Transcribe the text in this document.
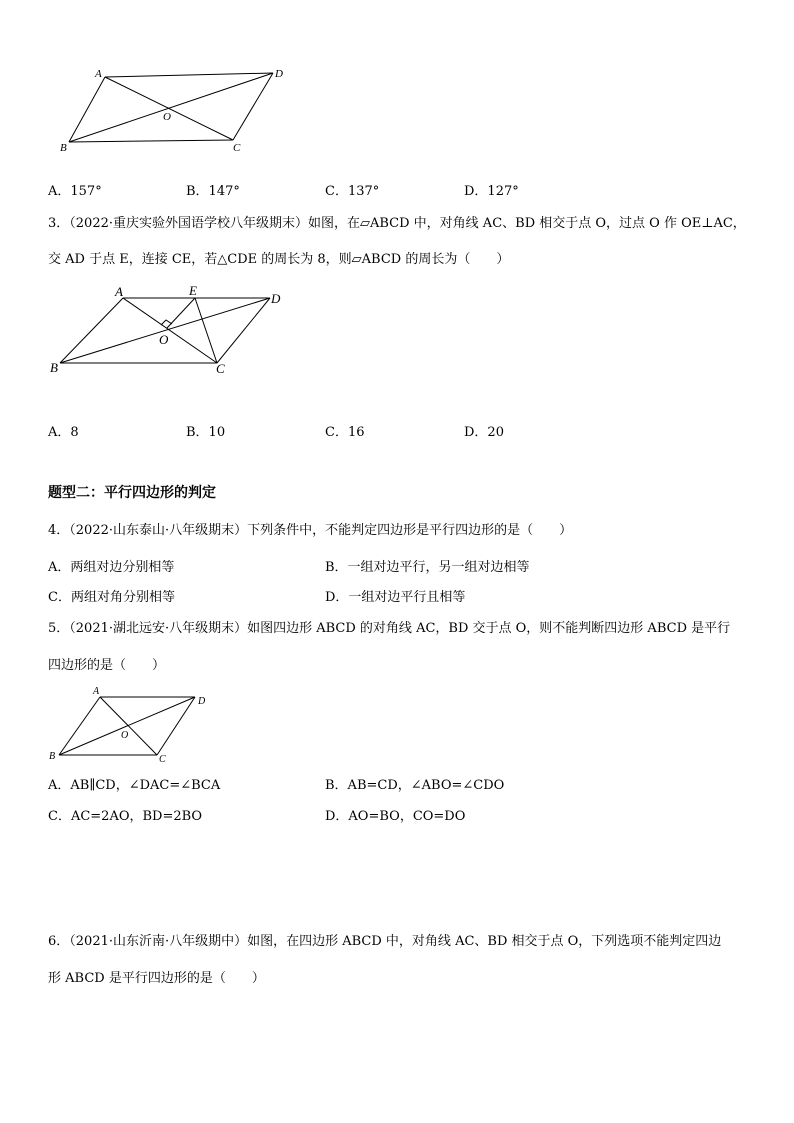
A	D
O
B	C
A．157°	B．147°	C．137°	D．127°
3．（2022·重庆实验外国语学校八年级期末）如图，在▱ABCD 中，对角线 AC、BD 相交于点 O，过点 O 作 OE⊥AC，
交 AD 于点 E，连接 CE，若△CDE 的周长为 8，则▱ABCD 的周长为（　　）
A	E
D
O
B	C
A．8	B．10	C．16	D．20
题型二：平行四边形的判定
4．（2022·山东泰山·八年级期末）下列条件中，不能判定四边形是平行四边形的是（　　）
A．两组对边分别相等	B．一组对边平行，另一组对边相等
C．两组对角分别相等	D．一组对边平行且相等
5．（2021·湖北远安·八年级期末）如图四边形 ABCD 的对角线 AC，BD 交于点 O，则不能判断四边形 ABCD 是平行
四边形的是（　　）
A
D
O
B	C
A．AB∥CD，∠DAC=∠BCA	B．AB=CD，∠ABO=∠CDO
C．AC=2AO，BD=2BO	D．AO=BO，CO=DO
6．（2021·山东沂南·八年级期中）如图，在四边形 ABCD 中，对角线 AC、BD 相交于点 O，下列选项不能判定四边
形 ABCD 是平行四边形的是（　　）
